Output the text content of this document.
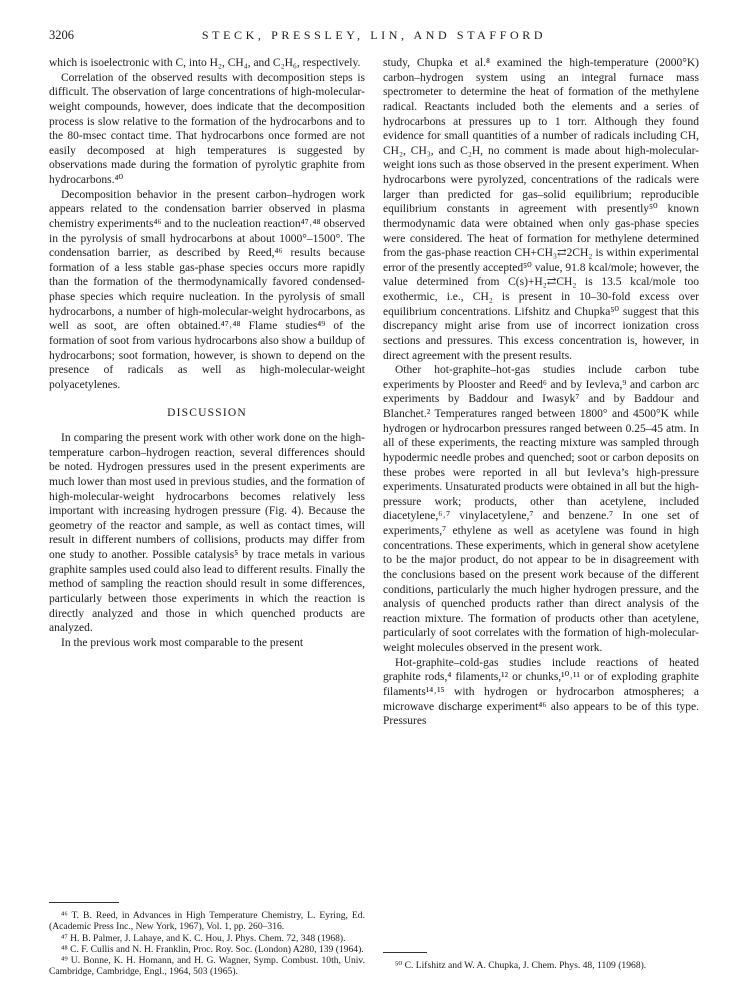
3206	STECK, PRESSLEY, LIN, AND STAFFORD

which is isoelectronic with C, into H₂, CH₄, and C₂H₆, respectively.

Correlation of the observed results with decomposition steps is difficult. The observation of large concentrations of high-molecular-weight compounds, however, does indicate that the decomposition process is slow relative to the formation of the hydrocarbons and to the 80-msec contact time. That hydrocarbons once formed are not easily decomposed at high temperatures is suggested by observations made during the formation of pyrolytic graphite from hydrocarbons.⁴⁰

Decomposition behavior in the present carbon–hydrogen work appears related to the condensation barrier observed in plasma chemistry experiments⁴⁶ and to the nucleation reaction⁴⁷˒⁴⁸ observed in the pyrolysis of small hydrocarbons at about 1000°–1500°. The condensation barrier, as described by Reed,⁴⁶ results because formation of a less stable gas-phase species occurs more rapidly than the formation of the thermodynamically favored condensed-phase species which require nucleation. In the pyrolysis of small hydrocarbons, a number of high-molecular-weight hydrocarbons, as well as soot, are often obtained.⁴⁷˒⁴⁸ Flame studies⁴⁹ of the formation of soot from various hydrocarbons also show a buildup of hydrocarbons; soot formation, however, is shown to depend on the presence of radicals as well as high-molecular-weight polyacetylenes.

DISCUSSION

In comparing the present work with other work done on the high-temperature carbon–hydrogen reaction, several differences should be noted. Hydrogen pressures used in the present experiments are much lower than most used in previous studies, and the formation of high-molecular-weight hydrocarbons becomes relatively less important with increasing hydrogen pressure (Fig. 4). Because the geometry of the reactor and sample, as well as contact times, will result in different numbers of collisions, products may differ from one study to another. Possible catalysis⁵ by trace metals in various graphite samples used could also lead to different results. Finally the method of sampling the reaction should result in some differences, particularly between those experiments in which the reaction is directly analyzed and those in which quenched products are analyzed.

In the previous work most comparable to the present

study, Chupka et al.⁸ examined the high-temperature (2000°K) carbon–hydrogen system using an integral furnace mass spectrometer to determine the heat of formation of the methylene radical. Reactants included both the elements and a series of hydrocarbons at pressures up to 1 torr. Although they found evidence for small quantities of a number of radicals including CH, CH₂, CH₃, and C₂H, no comment is made about high-molecular-weight ions such as those observed in the present experiment. When hydrocarbons were pyrolyzed, concentrations of the radicals were larger than predicted for gas–solid equilibrium; reproducible equilibrium constants in agreement with presently⁵⁰ known thermodynamic data were obtained when only gas-phase species were considered. The heat of formation for methylene determined from the gas-phase reaction CH+CH₃⇄2CH₂ is within experimental error of the presently accepted⁵⁰ value, 91.8 kcal/mole; however, the value determined from C(s)+H₂⇄CH₂ is 13.5 kcal/mole too exothermic, i.e., CH₂ is present in 10–30-fold excess over equilibrium concentrations. Lifshitz and Chupka⁵⁰ suggest that this discrepancy might arise from use of incorrect ionization cross sections and pressures. This excess concentration is, however, in direct agreement with the present results.

Other hot-graphite–hot-gas studies include carbon tube experiments by Plooster and Reed⁶ and by Ievleva,⁹ and carbon arc experiments by Baddour and Iwasyk⁷ and by Baddour and Blanchet.² Temperatures ranged between 1800° and 4500°K while hydrogen or hydrocarbon pressures ranged between 0.25–45 atm. In all of these experiments, the reacting mixture was sampled through hypodermic needle probes and quenched; soot or carbon deposits on these probes were reported in all but Ievleva’s high-pressure experiments. Unsaturated products were obtained in all but the high-pressure work; products, other than acetylene, included diacetylene,⁶˒⁷ vinylacetylene,⁷ and benzene.⁷ In one set of experiments,⁷ ethylene as well as acetylene was found in high concentrations. These experiments, which in general show acetylene to be the major product, do not appear to be in disagreement with the conclusions based on the present work because of the different conditions, particularly the much higher hydrogen pressure, and the analysis of quenched products rather than direct analysis of the reaction mixture. The formation of products other than acetylene, particularly of soot correlates with the formation of high-molecular-weight molecules observed in the present work.

Hot-graphite–cold-gas studies include reactions of heated graphite rods,⁴ filaments,¹² or chunks,¹⁰˒¹¹ or of exploding graphite filaments¹⁴˒¹⁵ with hydrogen or hydrocarbon atmospheres; a microwave discharge experiment⁴⁶ also appears to be of this type. Pressures

⁴⁶ T. B. Reed, in Advances in High Temperature Chemistry, L. Eyring, Ed. (Academic Press Inc., New York, 1967), Vol. 1, pp. 260–316.

⁴⁷ H. B. Palmer, J. Lahaye, and K. C. Hou, J. Phys. Chem. 72, 348 (1968).

⁴⁸ C. F. Cullis and N. H. Franklin, Proc. Roy. Soc. (London) A280, 139 (1964).

⁴⁹ U. Bonne, K. H. Homann, and H. G. Wagner, Symp. Combust. 10th, Univ. Cambridge, Cambridge, Engl., 1964, 503 (1965).

⁵⁰ C. Lifshitz and W. A. Chupka, J. Chem. Phys. 48, 1109 (1968).
